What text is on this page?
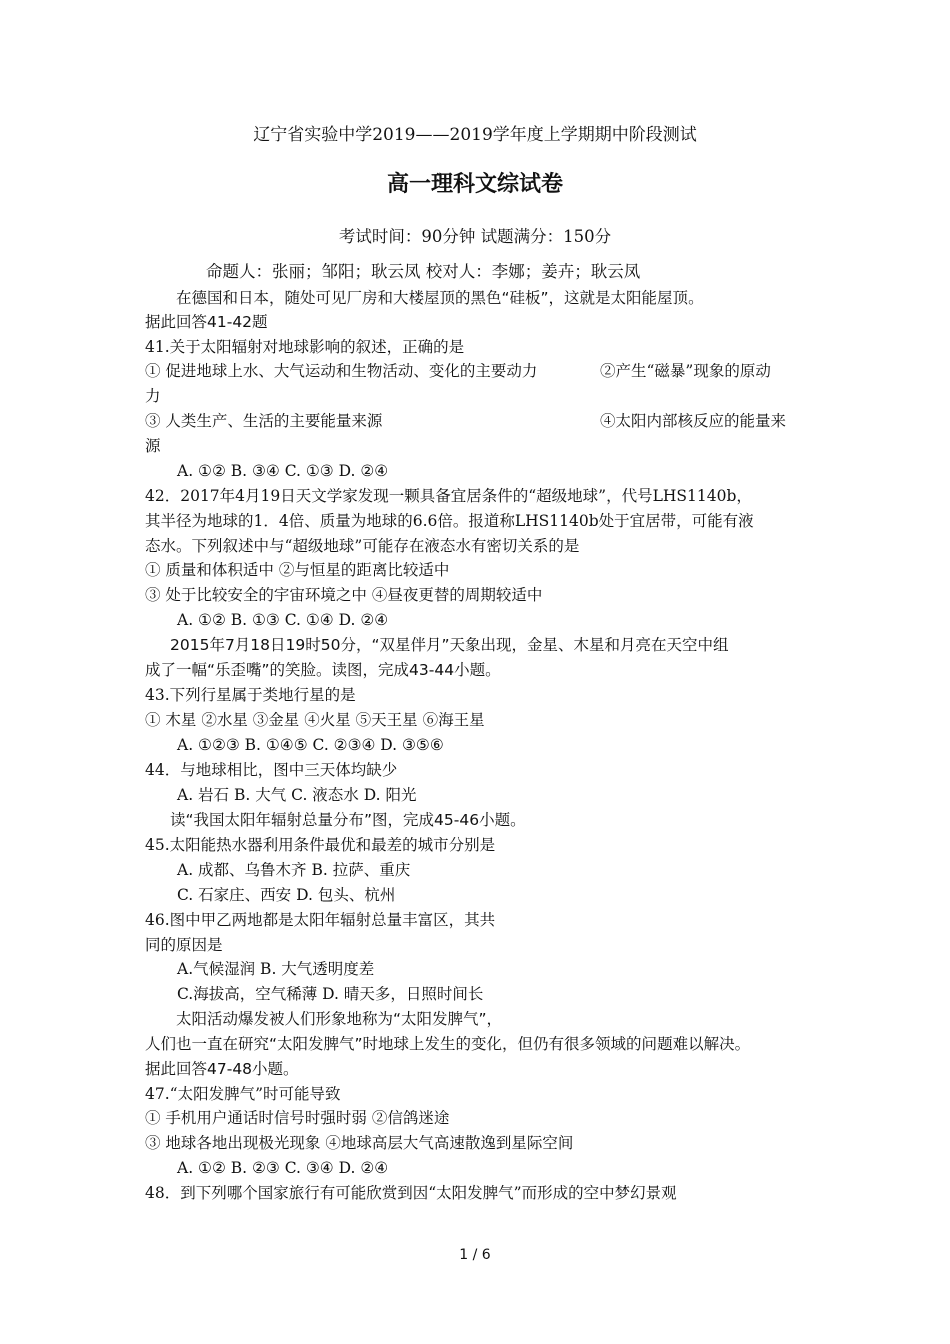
辽宁省实验中学2019——2019学年度上学期期中阶段测试
高一理科文综试卷
考试时间：90分钟 试题满分：150分
命题人：张丽；邹阳；耿云凤 校对人：李娜；姜卉；耿云凤
在德国和日本，随处可见厂房和大楼屋顶的黑色“硅板”，这就是太阳能屋顶。
据此回答41-42题
41.关于太阳辐射对地球影响的叙述，正确的是
① 促进地球上水、大气运动和生物活动、变化的主要动力	②产生“磁暴”现象的原动
力
③ 人类生产、生活的主要能量来源	④太阳内部核反应的能量来
源
A. ①② B. ③④ C. ①③ D. ②④
42．2017年4月19日天文学家发现一颗具备宜居条件的“超级地球”，代号LHS1140b，
其半径为地球的1．4倍、质量为地球的6.6倍。报道称LHS1140b处于宜居带，可能有液
态水。下列叙述中与“超级地球”可能存在液态水有密切关系的是
① 质量和体积适中 ②与恒星的距离比较适中
③ 处于比较安全的宇宙环境之中 ④昼夜更替的周期较适中
A. ①② B. ①③ C. ①④ D. ②④
2015年7月18日19时50分，“双星伴月”天象出现，金星、木星和月亮在天空中组
成了一幅“乐歪嘴”的笑脸。读图，完成43-44小题。
43.下列行星属于类地行星的是
① 木星 ②水星 ③金星 ④火星 ⑤天王星 ⑥海王星
A. ①②③ B. ①④⑤ C. ②③④ D. ③⑤⑥
44．与地球相比，图中三天体均缺少
A. 岩石 B. 大气 C. 液态水 D. 阳光
读“我国太阳年辐射总量分布”图，完成45-46小题。
45.太阳能热水器利用条件最优和最差的城市分别是
A. 成都、乌鲁木齐 B. 拉萨、重庆
C. 石家庄、西安 D. 包头、杭州
46.图中甲乙两地都是太阳年辐射总量丰富区，其共
同的原因是
A.气候湿润 B. 大气透明度差
C.海拔高，空气稀薄 D. 晴天多，日照时间长
太阳活动爆发被人们形象地称为“太阳发脾气”，
人们也一直在研究“太阳发脾气”时地球上发生的变化，但仍有很多领域的问题难以解决。
据此回答47-48小题。
47.“太阳发脾气”时可能导致
① 手机用户通话时信号时强时弱 ②信鸽迷途
③ 地球各地出现极光现象 ④地球高层大气高速散逸到星际空间
A. ①② B. ②③ C. ③④ D. ②④
48．到下列哪个国家旅行有可能欣赏到因“太阳发脾气”而形成的空中梦幻景观
1 / 6
